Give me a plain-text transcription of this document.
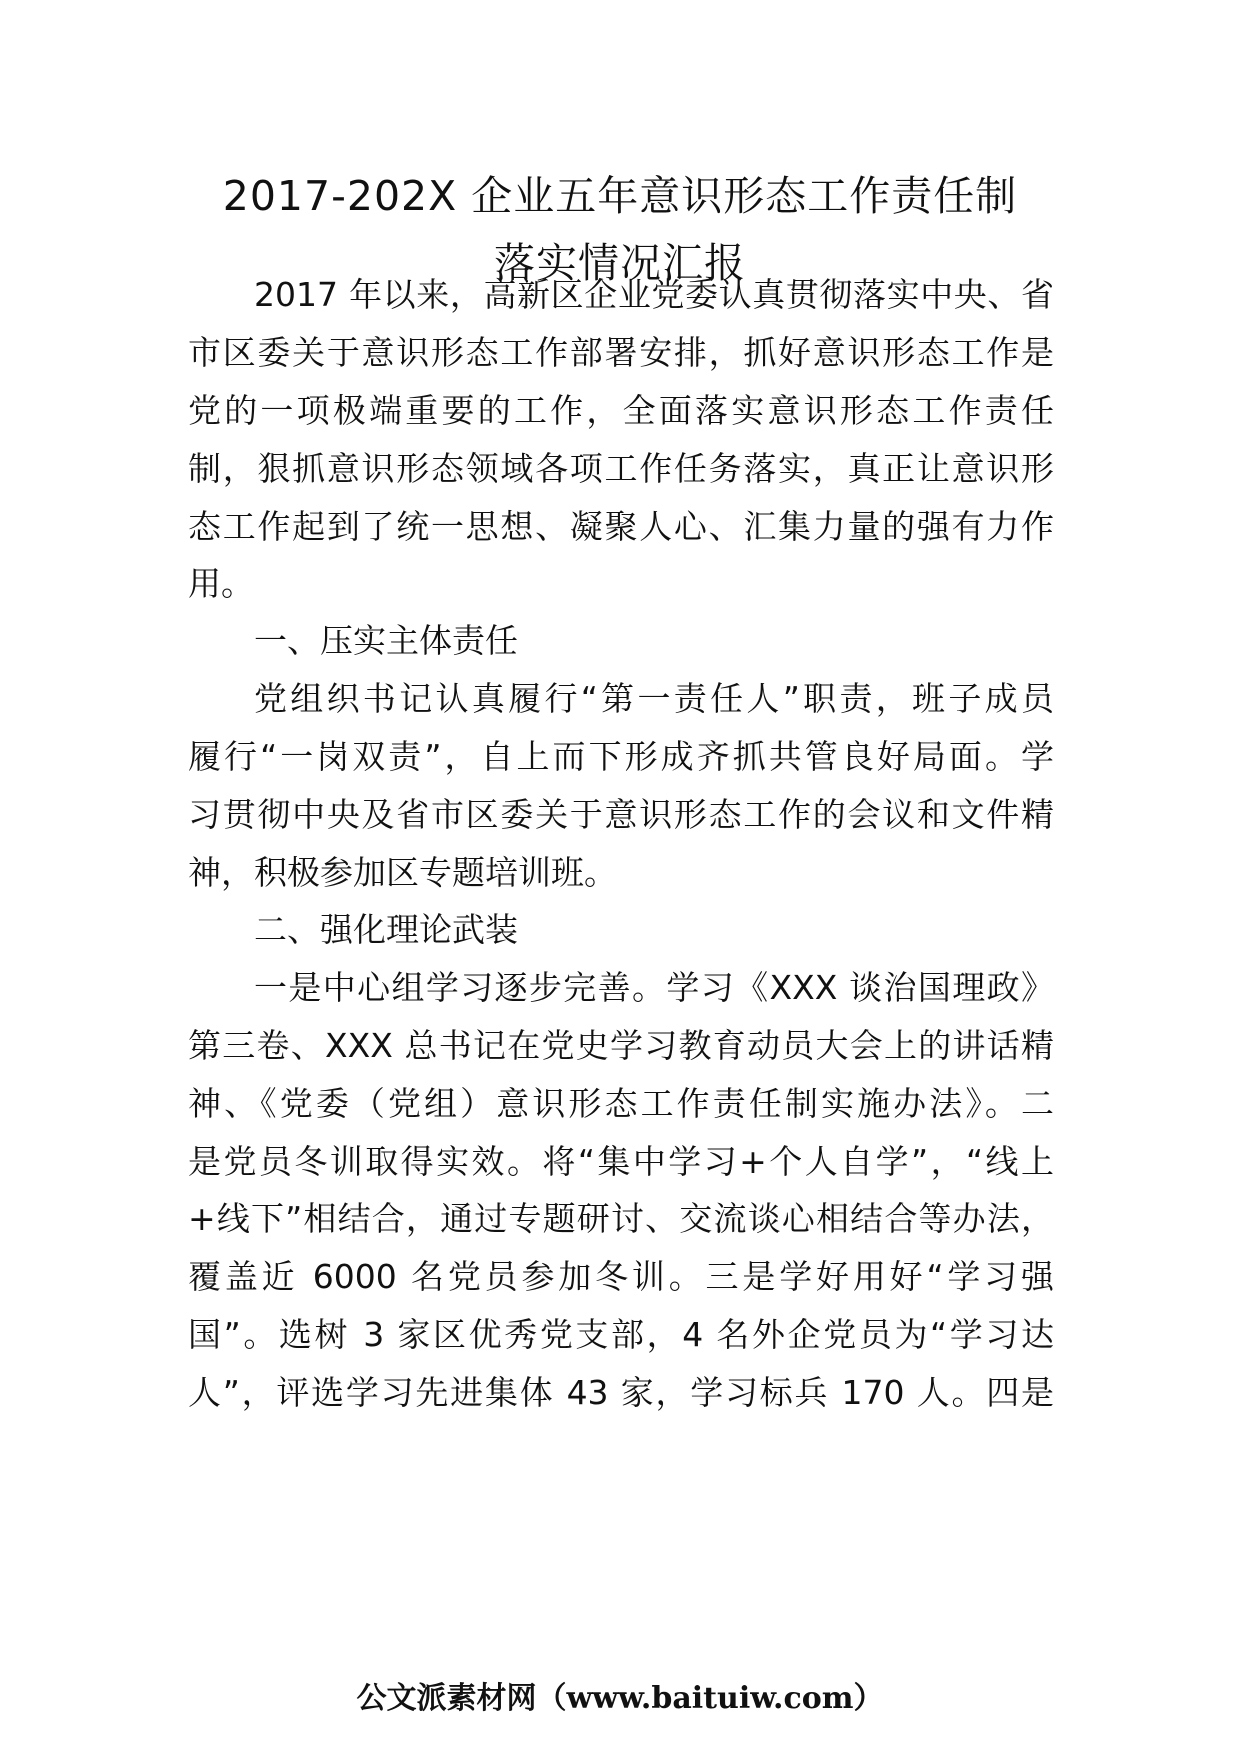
2017-202X 企业五年意识形态工作责任制
落实情况汇报
2017 年以来，高新区企业党委认真贯彻落实中央、省
市区委关于意识形态工作部署安排，抓好意识形态工作是
党的一项极端重要的工作，全面落实意识形态工作责任
制，狠抓意识形态领域各项工作任务落实，真正让意识形
态工作起到了统一思想、凝聚人心、汇集力量的强有力作
用。
一、压实主体责任
党组织书记认真履行“第一责任人”职责，班子成员
履行“一岗双责”，自上而下形成齐抓共管良好局面。学
习贯彻中央及省市区委关于意识形态工作的会议和文件精
神，积极参加区专题培训班。
二、强化理论武装
一是中心组学习逐步完善。学习《XXX 谈治国理政》
第三卷、XXX 总书记在党史学习教育动员大会上的讲话精
神、《党委（党组）意识形态工作责任制实施办法》。二
是党员冬训取得实效。将“集中学习+个人自学”，“线上
+线下”相结合，通过专题研讨、交流谈心相结合等办法，
覆盖近 6000 名党员参加冬训。三是学好用好“学习强
国”。选树 3 家区优秀党支部，4 名外企党员为“学习达
人”，评选学习先进集体 43 家，学习标兵 170 人。四是
公文派素材网（www.baituiw.com）
